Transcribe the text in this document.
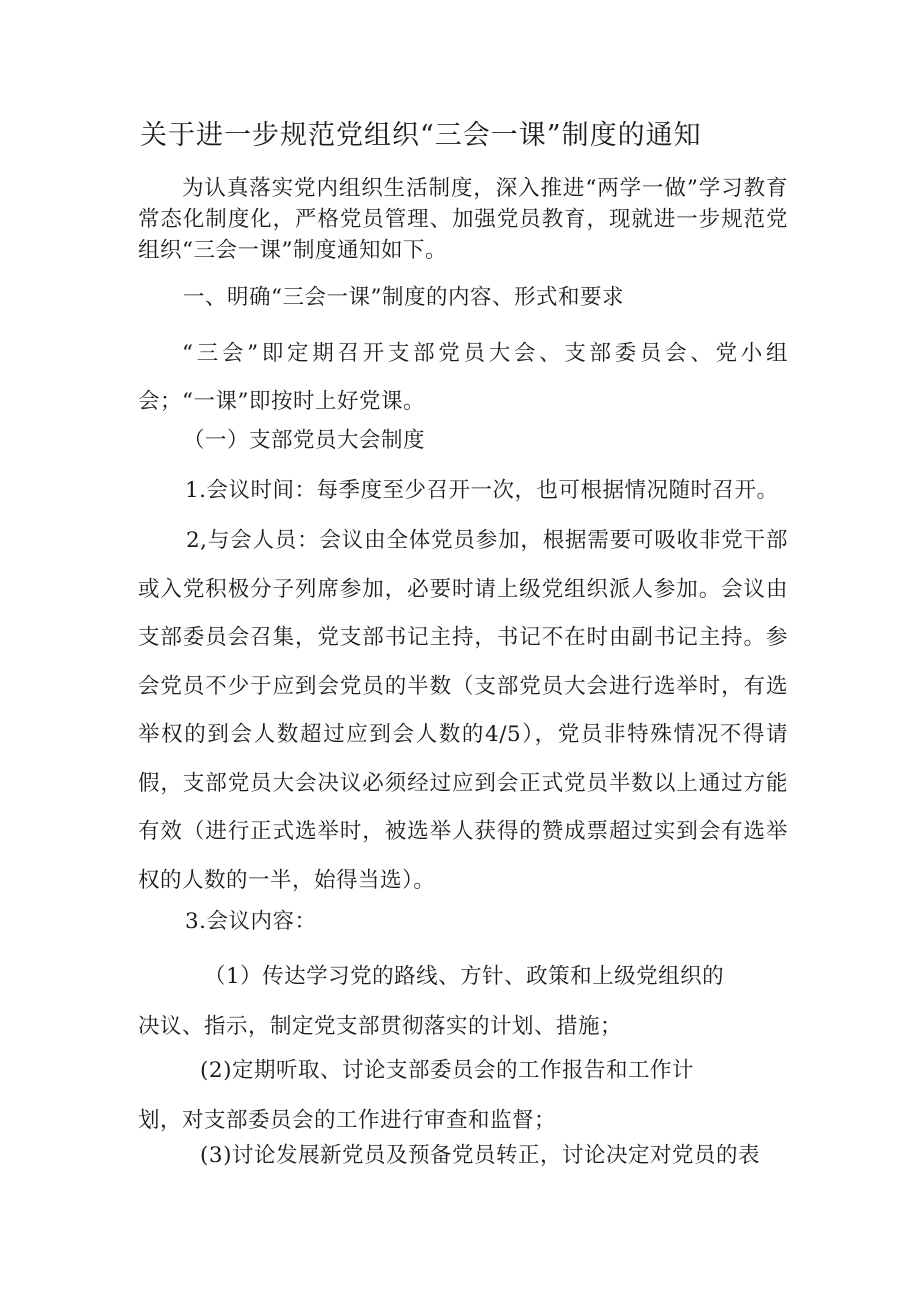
关于进一步规范党组织“三会一课”制度的通知

为认真落实党内组织生活制度，深入推进“两学一做”学习教育常态化制度化，严格党员管理、加强党员教育，现就进一步规范党组织“三会一课”制度通知如下。

一、明确“三会一课”制度的内容、形式和要求

“三会”即定期召开支部党员大会、支部委员会、党小组会；“一课”即按时上好党课。

（一）支部党员大会制度

1.会议时间：每季度至少召开一次，也可根据情况随时召开。

2,与会人员：会议由全体党员参加，根据需要可吸收非党干部或入党积极分子列席参加，必要时请上级党组织派人参加。会议由支部委员会召集，党支部书记主持，书记不在时由副书记主持。参会党员不少于应到会党员的半数（支部党员大会进行选举时，有选举权的到会人数超过应到会人数的4/5），党员非特殊情况不得请假，支部党员大会决议必须经过应到会正式党员半数以上通过方能有效（进行正式选举时，被选举人获得的赞成票超过实到会有选举权的人数的一半，始得当选）。

3.会议内容：

（1）传达学习党的路线、方针、政策和上级党组织的
决议、指示，制定党支部贯彻落实的计划、措施；

(2)定期听取、讨论支部委员会的工作报告和工作计
划，对支部委员会的工作进行审查和监督；

(3)讨论发展新党员及预备党员转正，讨论决定对党员的表
